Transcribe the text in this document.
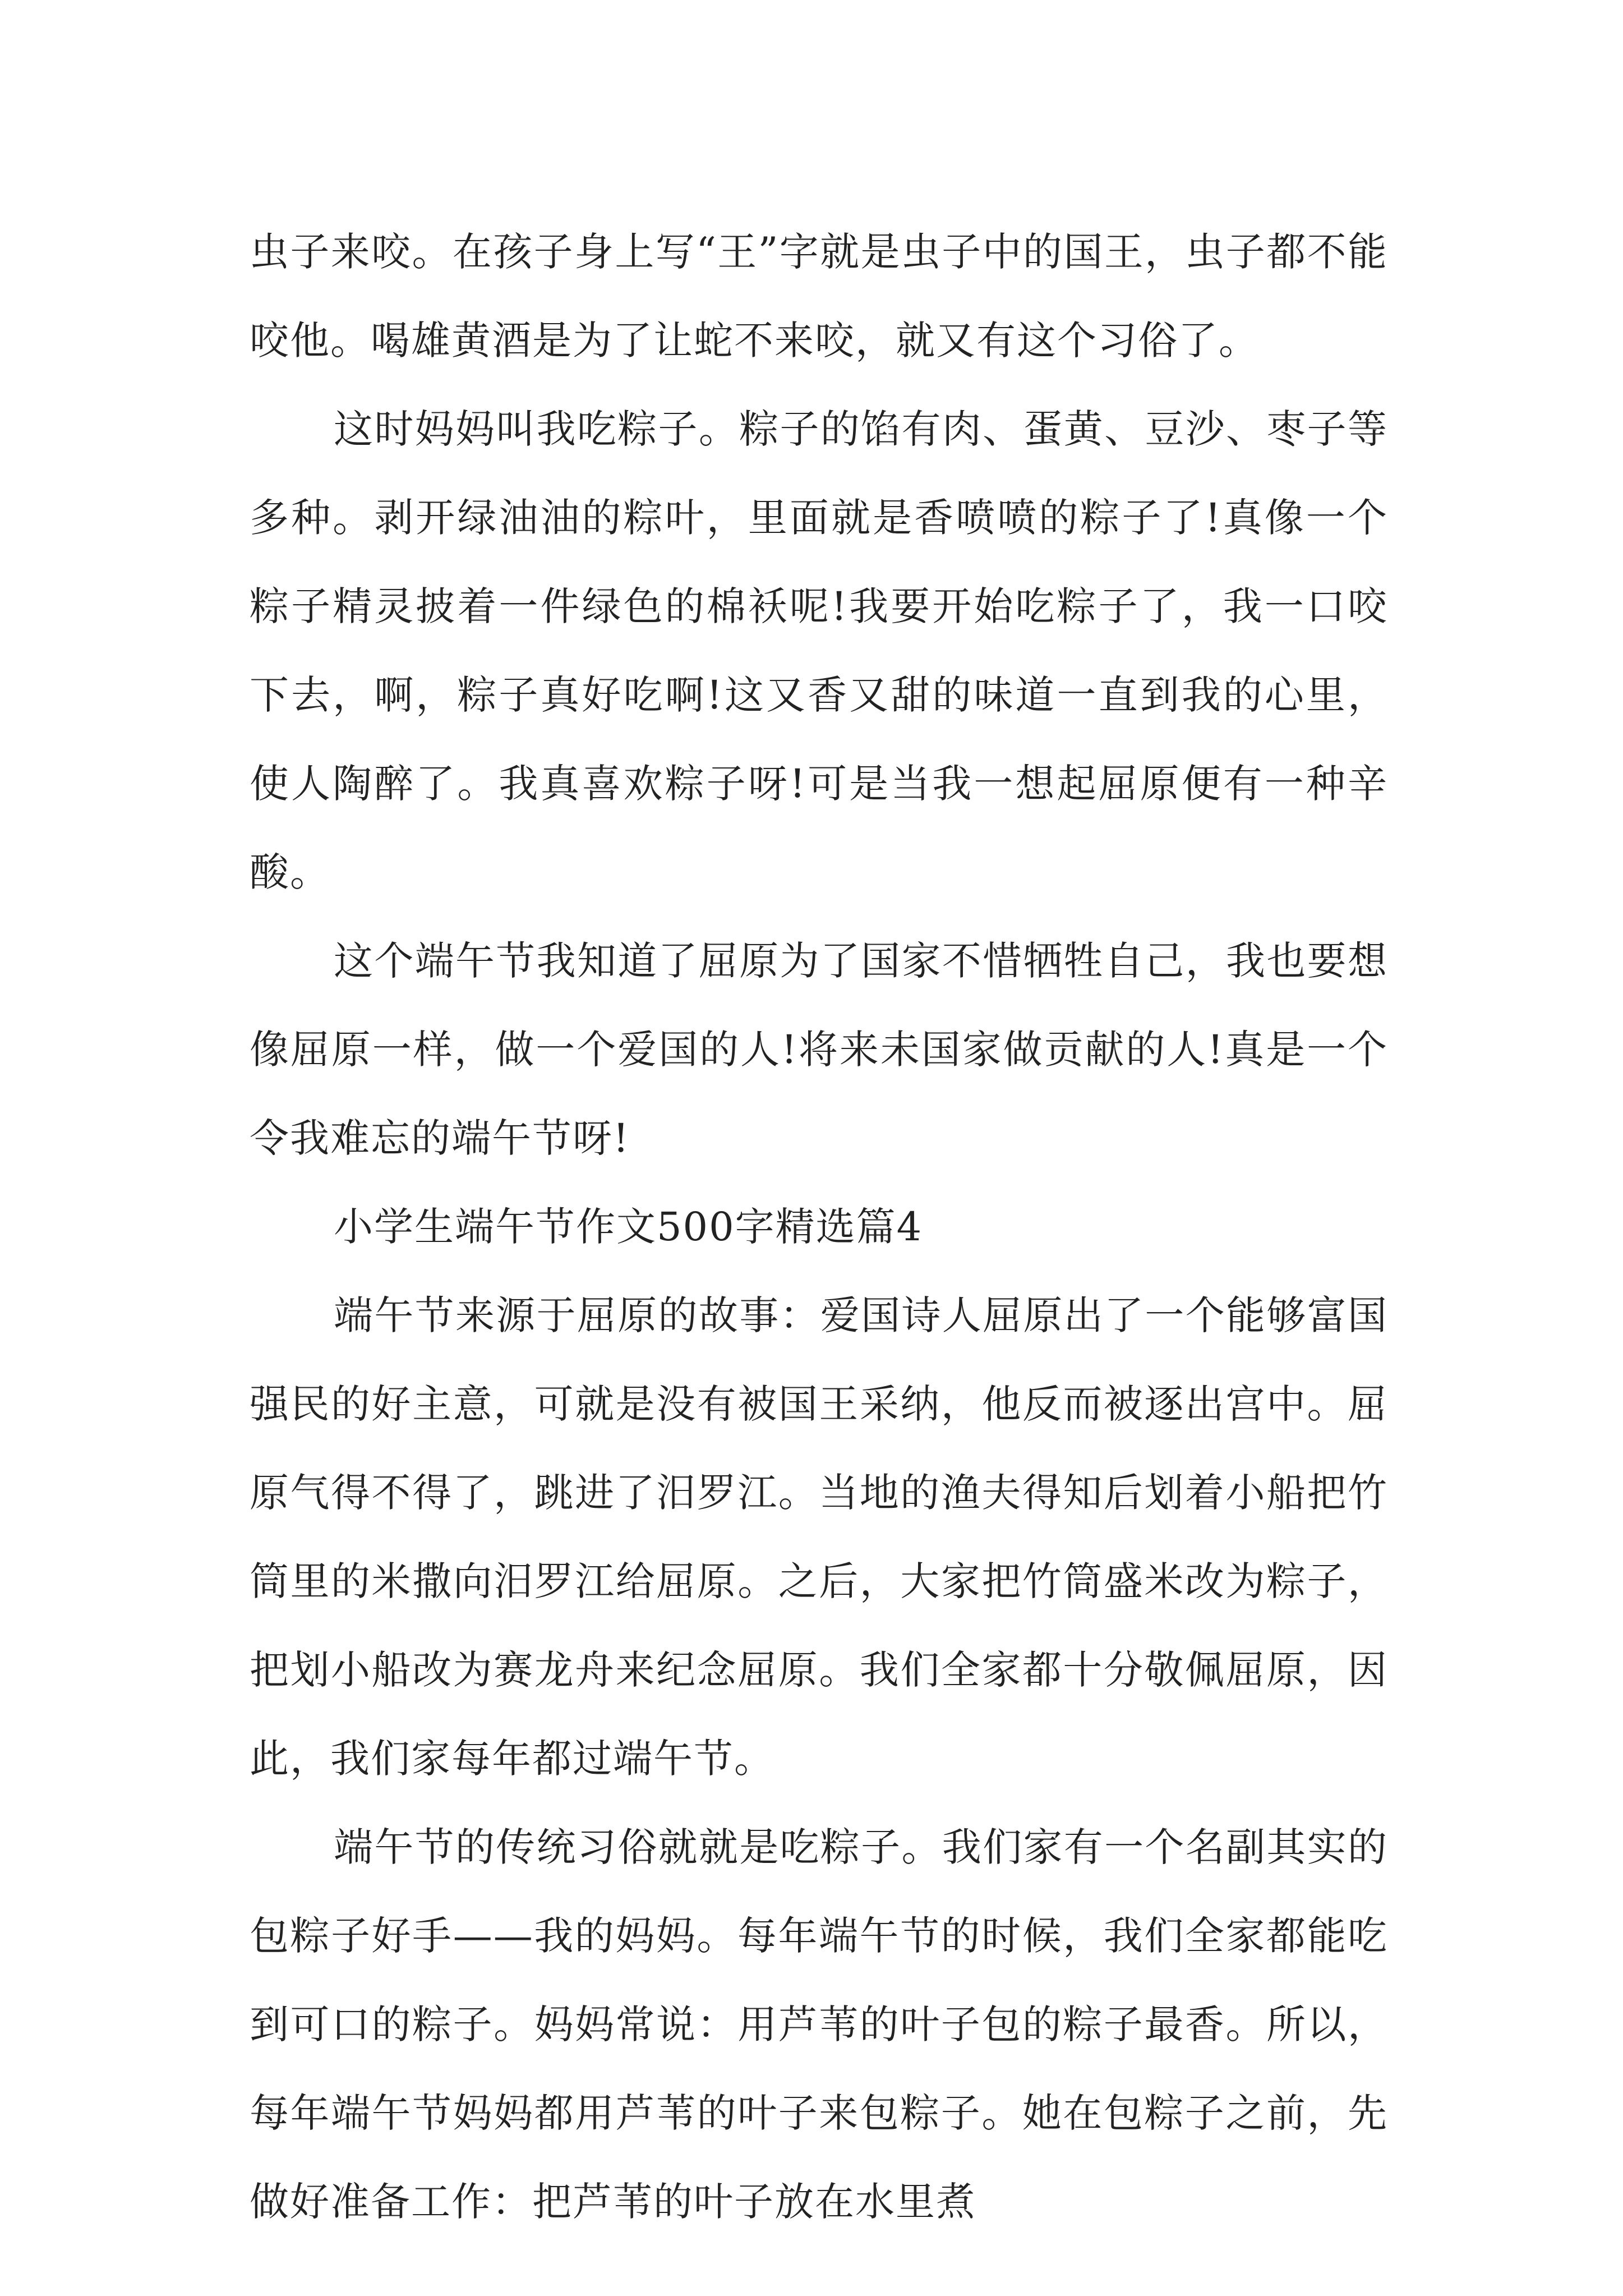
虫子来咬。在孩子身上写“王”字就是虫子中的国王，虫子都不能咬他。喝雄黄酒是为了让蛇不来咬，就又有这个习俗了。

这时妈妈叫我吃粽子。粽子的馅有肉、蛋黄、豆沙、枣子等多种。剥开绿油油的粽叶，里面就是香喷喷的粽子了!真像一个粽子精灵披着一件绿色的棉袄呢!我要开始吃粽子了，我一口咬下去，啊，粽子真好吃啊!这又香又甜的味道一直到我的心里，使人陶醉了。我真喜欢粽子呀!可是当我一想起屈原便有一种辛酸。

这个端午节我知道了屈原为了国家不惜牺牲自己，我也要想像屈原一样，做一个爱国的人!将来未国家做贡献的人!真是一个令我难忘的端午节呀!

小学生端午节作文500字精选篇4

端午节来源于屈原的故事：爱国诗人屈原出了一个能够富国强民的好主意，可就是没有被国王采纳，他反而被逐出宫中。屈原气得不得了，跳进了汨罗江。当地的渔夫得知后划着小船把竹筒里的米撒向汨罗江给屈原。之后，大家把竹筒盛米改为粽子，把划小船改为赛龙舟来纪念屈原。我们全家都十分敬佩屈原，因此，我们家每年都过端午节。

端午节的传统习俗就就是吃粽子。我们家有一个名副其实的包粽子好手——我的妈妈。每年端午节的时候，我们全家都能吃到可口的粽子。妈妈常说：用芦苇的叶子包的粽子最香。所以，每年端午节妈妈都用芦苇的叶子来包粽子。她在包粽子之前，先做好准备工作：把芦苇的叶子放在水里煮
